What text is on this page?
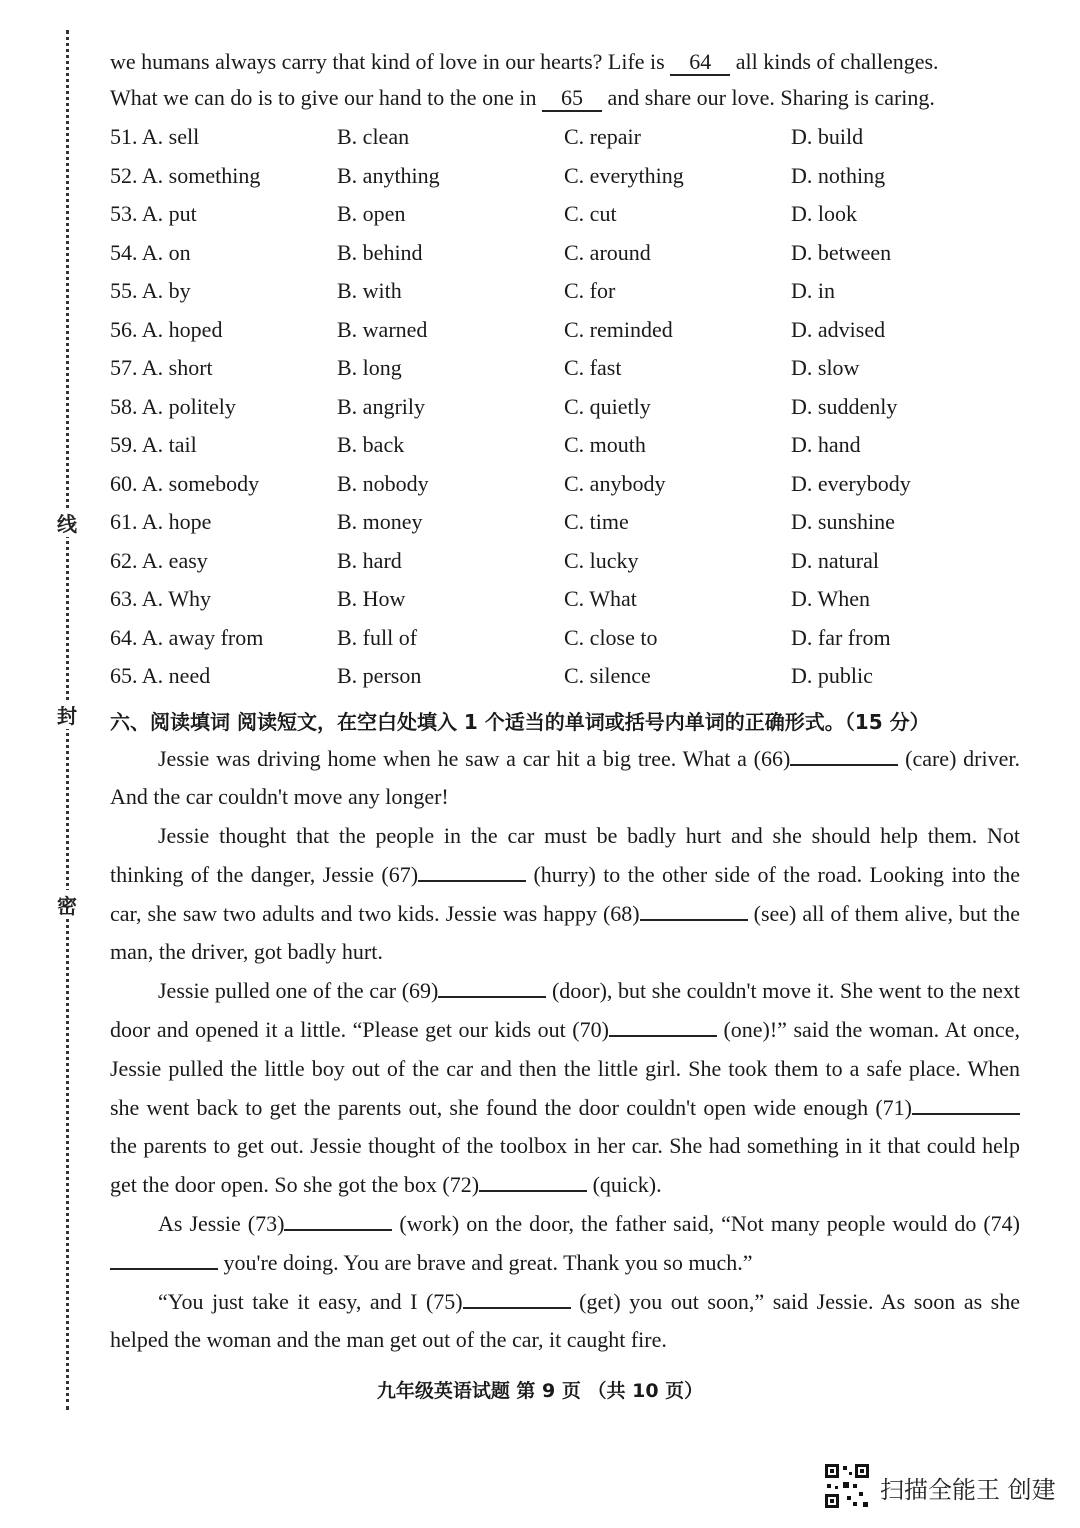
线
封
密
we humans always carry that kind of love in our hearts? Life is 64 all kinds of challenges.
What we can do is to give our hand to the one in 65 and share our love. Sharing is caring.
51. A. sell	B. clean	C. repair	D. build
52. A. something	B. anything	C. everything	D. nothing
53. A. put	B. open	C. cut	D. look
54. A. on	B. behind	C. around	D. between
55. A. by	B. with	C. for	D. in
56. A. hoped	B. warned	C. reminded	D. advised
57. A. short	B. long	C. fast	D. slow
58. A. politely	B. angrily	C. quietly	D. suddenly
59. A. tail	B. back	C. mouth	D. hand
60. A. somebody	B. nobody	C. anybody	D. everybody
61. A. hope	B. money	C. time	D. sunshine
62. A. easy	B. hard	C. lucky	D. natural
63. A. Why	B. How	C. What	D. When
64. A. away from	B. full of	C. close to	D. far from
65. A. need	B. person	C. silence	D. public
六、阅读填词 阅读短文，在空白处填入 1 个适当的单词或括号内单词的正确形式。（15 分）
Jessie was driving home when he saw a car hit a big tree. What a (66)	(care) driver. And the car couldn't move any longer!
Jessie thought that the people in the car must be badly hurt and she should help them. Not thinking of the danger, Jessie (67)	(hurry) to the other side of the road. Looking into the car, she saw two adults and two kids. Jessie was happy (68)	(see) all of them alive, but the man, the driver, got badly hurt.
Jessie pulled one of the car (69)	(door), but she couldn't move it. She went to the next door and opened it a little. “Please get our kids out (70)	(one)!” said the woman. At once, Jessie pulled the little boy out of the car and then the little girl. She took them to a safe place. When she went back to get the parents out, she found the door couldn't open wide enough (71) the parents to get out. Jessie thought of the toolbox in her car. She had something in it that could help get the door open. So she got the box (72)	(quick).
As Jessie (73)	(work) on the door, the father said, “Not many people would do (74) you're doing. You are brave and great. Thank you so much.”
“You just take it easy, and I (75)	(get) you out soon,” said Jessie. As soon as she helped the woman and the man get out of the car, it caught fire.
九年级英语试题 第 9 页 （共 10 页）
扫描全能王 创建
